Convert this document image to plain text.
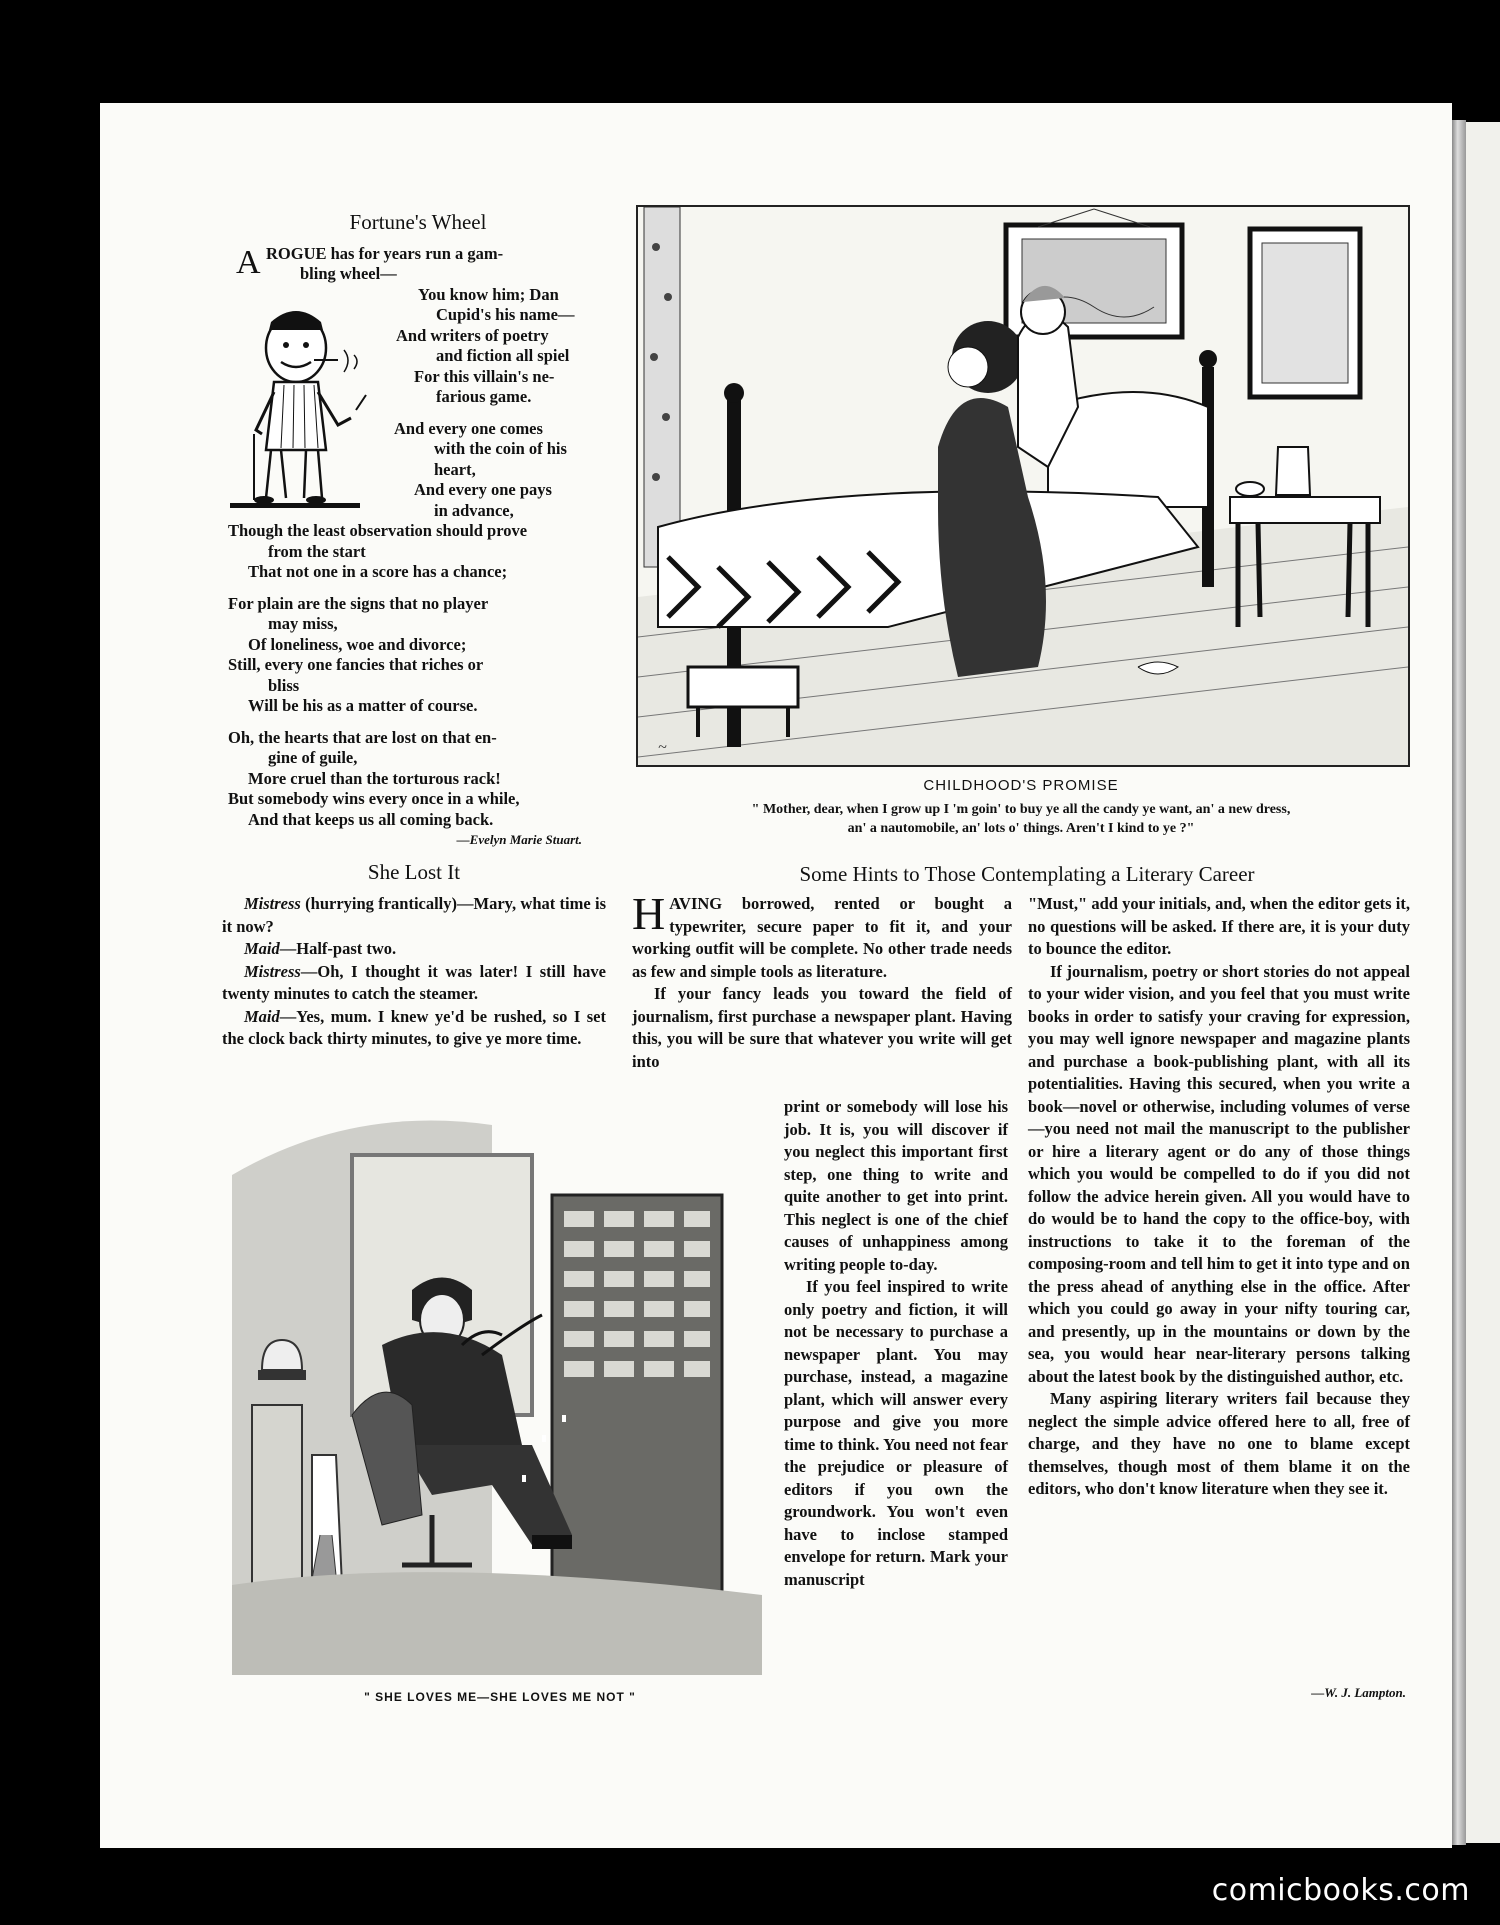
Fortune's Wheel
A ROGUE has for years run a gam-
bling wheel—
You know him; Dan
Cupid's his name—
And writers of poetry
and fiction all spiel
For this villain's ne-
farious game.
And every one comes
with the coin of his
heart,
And every one pays
in advance,
Though the least observation should prove
from the start
That not one in a score has a chance;
For plain are the signs that no player
may miss,
Of loneliness, woe and divorce;
Still, every one fancies that riches or
bliss
Will be his as a matter of course.
Oh, the hearts that are lost on that en-
gine of guile,
More cruel than the torturous rack!
But somebody wins every once in a while,
And that keeps us all coming back.
—Evelyn Marie Stuart.
~
CHILDHOOD'S PROMISE
" Mother, dear, when I grow up I 'm goin' to buy ye all the candy ye want, an' a new dress,
an' a nautomobile, an' lots o' things. Aren't I kind to ye ?"
She Lost It

Mistress (hurrying frantically)—Mary, what time is it now?

Maid—Half-past two.

Mistress—Oh, I thought it was later! I still have twenty minutes to catch the steamer.

Maid—Yes, mum. I knew ye'd be rushed, so I set the clock back thirty minutes, to give ye more time.

" SHE LOVES ME—SHE LOVES ME NOT "
Some Hints to Those Contemplating a Literary Career

HAVING borrowed, rented or bought a typewriter, secure paper to fit it, and your working outfit will be complete. No other trade needs as few and simple tools as literature.

If your fancy leads you toward the field of journalism, first purchase a newspaper plant. Having this, you will be sure that whatever you write will get into

print or somebody will lose his job. It is, you will discover if you neglect this important first step, one thing to write and quite another to get into print. This neglect is one of the chief causes of unhappiness among writing people to-day.

If you feel inspired to write only poetry and fiction, it will not be necessary to purchase a newspaper plant. You may purchase, instead, a magazine plant, which will answer every purpose and give you more time to think. You need not fear the prejudice or pleasure of editors if you own the groundwork. You won't even have to inclose stamped envelope for return. Mark your manuscript

"Must," add your initials, and, when the editor gets it, no questions will be asked. If there are, it is your duty to bounce the editor.

If journalism, poetry or short stories do not appeal to your wider vision, and you feel that you must write books in order to satisfy your craving for expression, you may well ignore newspaper and magazine plants and purchase a book-publishing plant, with all its potentialities. Having this secured, when you write a book—novel or otherwise, including volumes of verse—you need not mail the manuscript to the publisher or hire a literary agent or do any of those things which you would be compelled to do if you did not follow the advice herein given. All you would have to do would be to hand the copy to the office-boy, with instructions to take it to the foreman of the composing-room and tell him to get it into type and on the press ahead of anything else in the office. After which you could go away in your nifty touring car, and presently, up in the mountains or down by the sea, you would hear near-literary persons talking about the latest book by the distinguished author, etc.

Many aspiring literary writers fail because they neglect the simple advice offered here to all, free of charge, and they have no one to blame except themselves, though most of them blame it on the editors, who don't know literature when they see it.

—W. J. Lampton.
comicbooks.com
